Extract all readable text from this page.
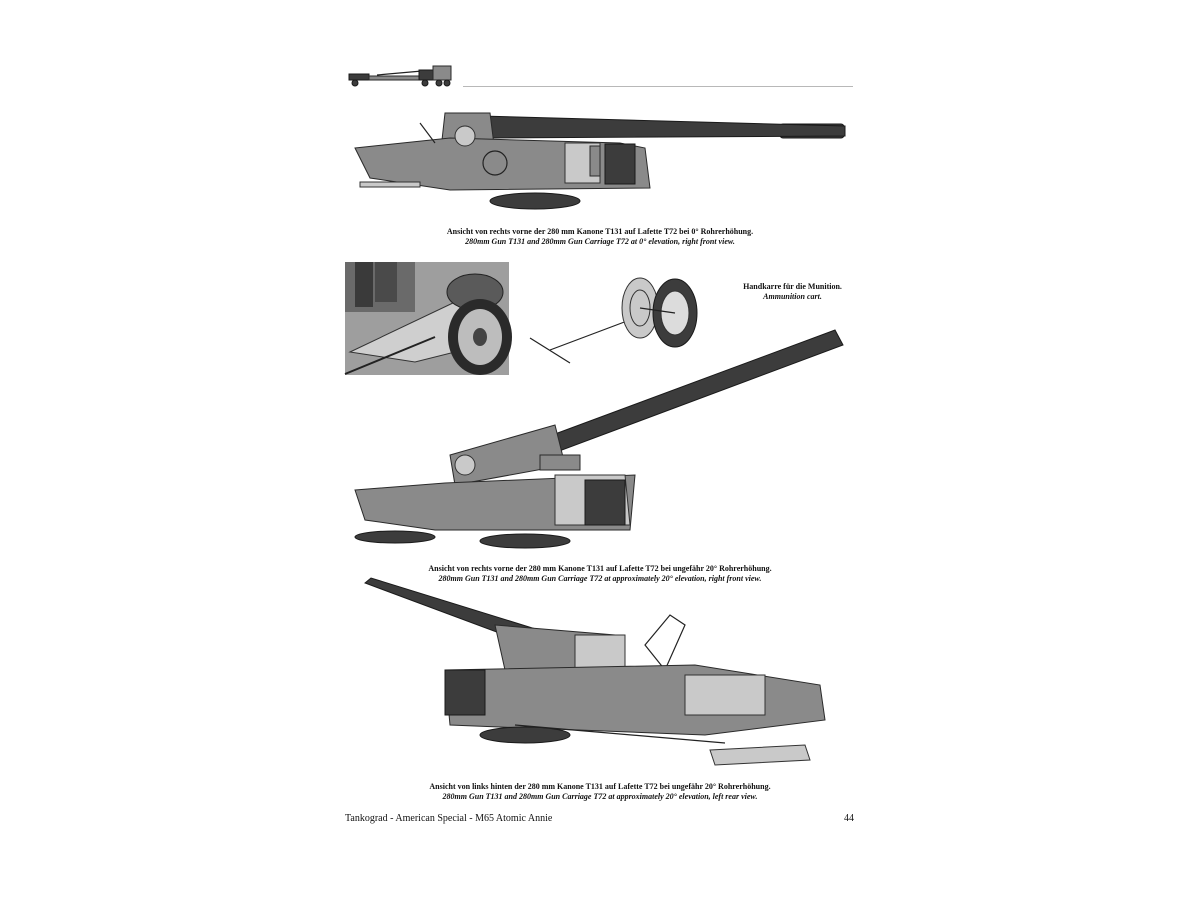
Ansicht von rechts vorne der 280 mm Kanone T131 auf Lafette T72 bei 0° Rohrerhöhung.
280mm Gun T131 and 280mm Gun Carriage T72 at 0° elevation, right front view.
Handkarre für die Munition.
Ammunition cart.
Ansicht von rechts vorne der 280 mm Kanone T131 auf Lafette T72 bei ungefähr 20° Rohrerhöhung.
280mm Gun T131 and 280mm Gun Carriage T72 at approximately 20° elevation, right front view.
Ansicht von links hinten der 280 mm Kanone T131 auf Lafette T72 bei ungefähr 20° Rohrerhöhung.
280mm Gun T131 and 280mm Gun Carriage T72 at approximately 20° elevation, left rear view.
Tankograd - American Special - M65 Atomic Annie	44
